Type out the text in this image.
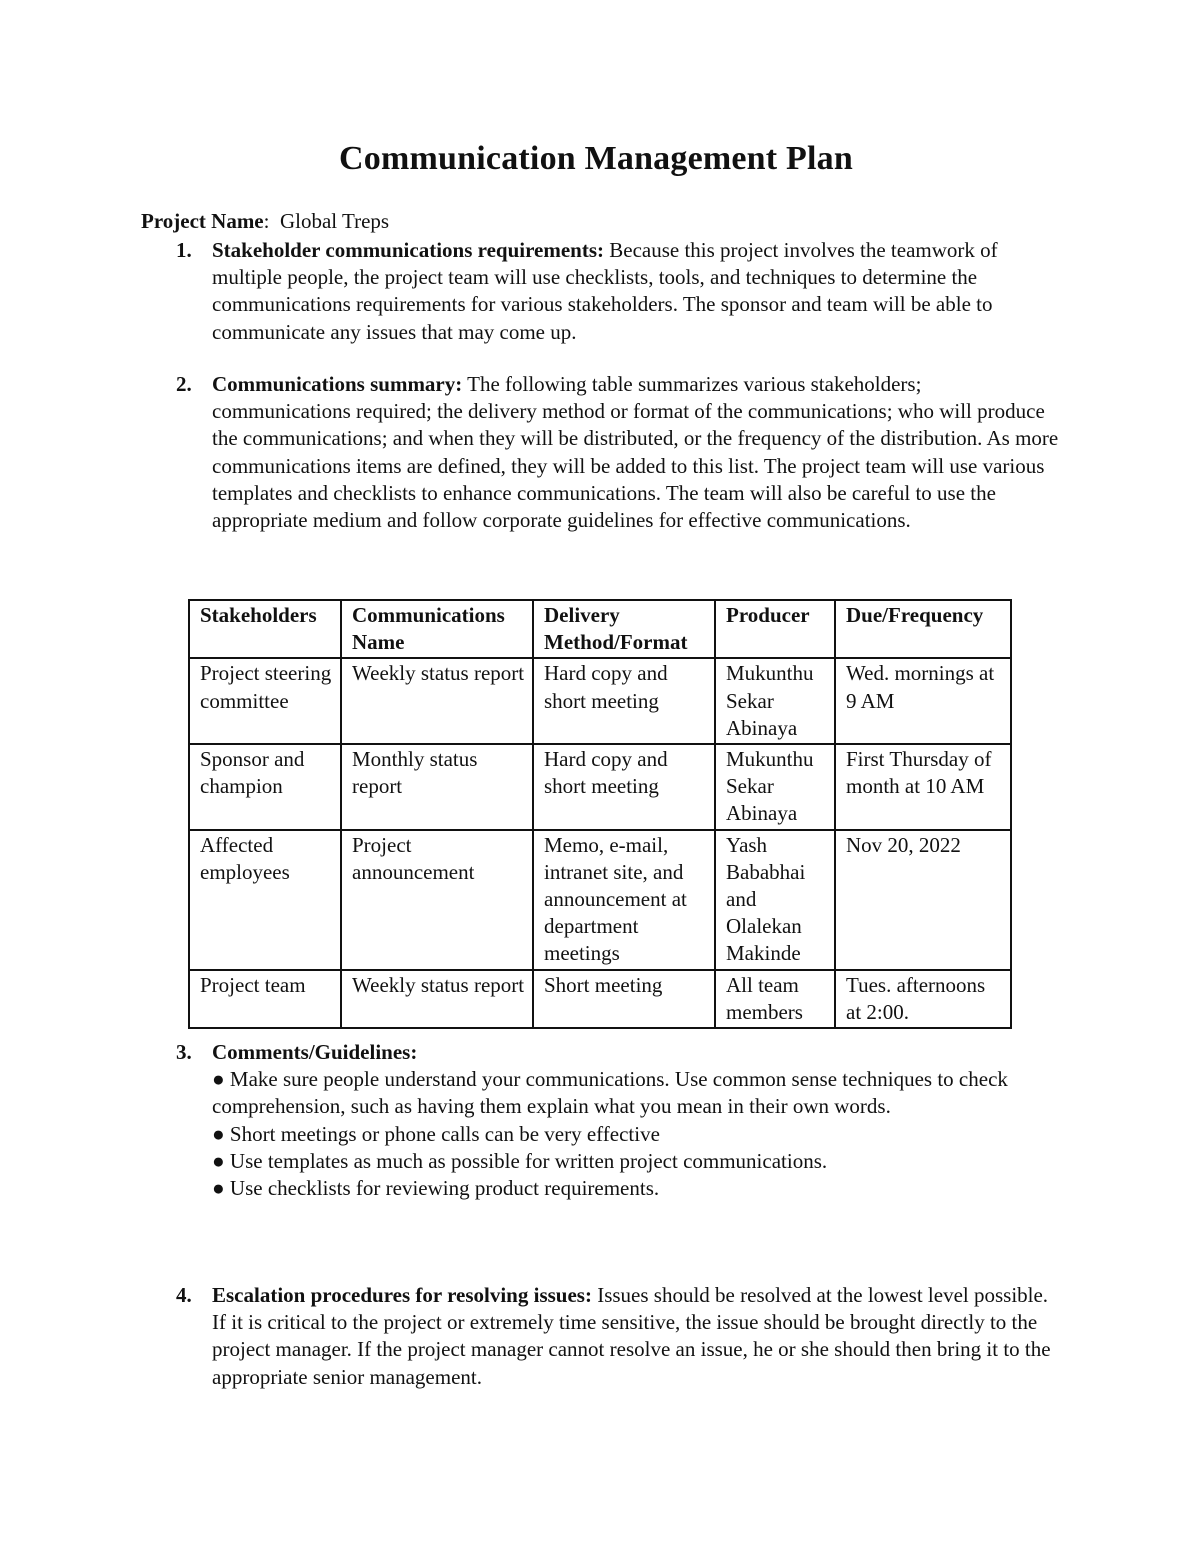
Communication Management Plan
Project Name: Global Treps
1. Stakeholder communications requirements: Because this project involves the teamwork of multiple people, the project team will use checklists, tools, and techniques to determine the communications requirements for various stakeholders. The sponsor and team will be able to communicate any issues that may come up.
2. Communications summary: The following table summarizes various stakeholders; communications required; the delivery method or format of the communications; who will produce the communications; and when they will be distributed, or the frequency of the distribution. As more communications items are defined, they will be added to this list. The project team will use various templates and checklists to enhance communications. The team will also be careful to use the appropriate medium and follow corporate guidelines for effective communications.
Stakeholders	Communications Name	Delivery Method/Format	Producer	Due/Frequency
Project steering committee	Weekly status report	Hard copy and short meeting	Mukunthu Sekar Abinaya	Wed. mornings at 9 AM
Sponsor and champion	Monthly status report	Hard copy and short meeting	Mukunthu Sekar Abinaya	First Thursday of month at 10 AM
Affected employees	Project announcement	Memo, e-mail, intranet site, and announcement at department meetings	Yash Bababhai and Olalekan Makinde	Nov 20, 2022
Project team	Weekly status report	Short meeting	All team members	Tues. afternoons at 2:00.
3. Comments/Guidelines:
● Make sure people understand your communications. Use common sense techniques to check comprehension, such as having them explain what you mean in their own words.
● Short meetings or phone calls can be very effective
● Use templates as much as possible for written project communications.
● Use checklists for reviewing product requirements.
4. Escalation procedures for resolving issues: Issues should be resolved at the lowest level possible. If it is critical to the project or extremely time sensitive, the issue should be brought directly to the project manager. If the project manager cannot resolve an issue, he or she should then bring it to the appropriate senior management.
